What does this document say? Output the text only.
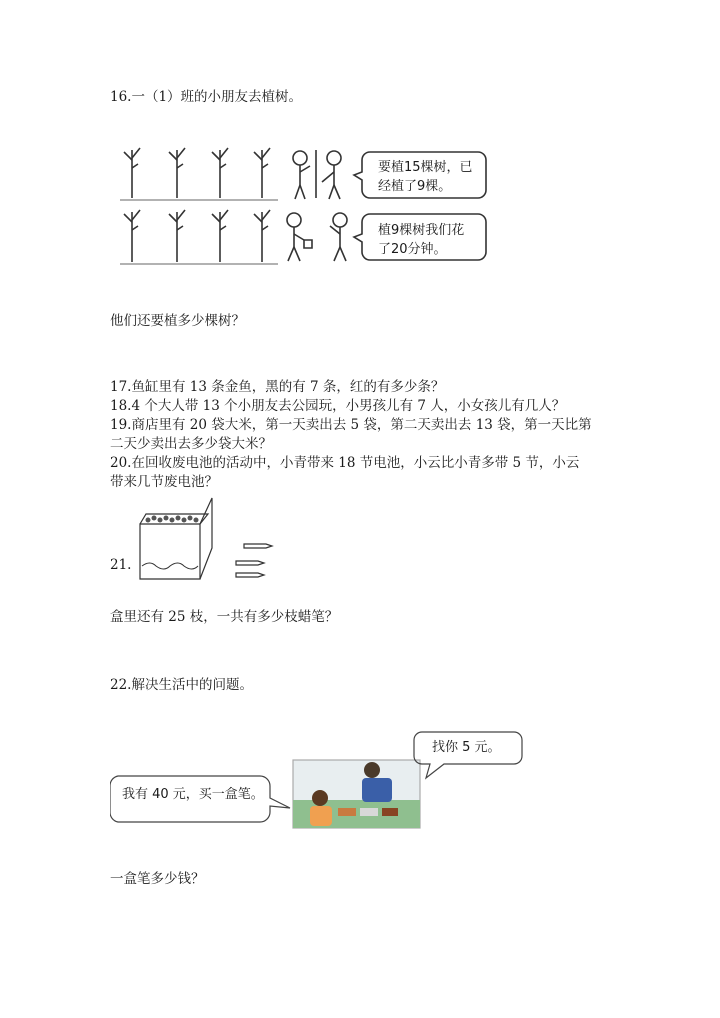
16.一（1）班的小朋友去植树。
要植15棵树，已
经植了9棵。
植9棵树我们花
了20分钟。
他们还要植多少棵树？
17.鱼缸里有 13 条金鱼，黑的有 7 条，红的有多少条？
18.4 个大人带 13 个小朋友去公园玩，小男孩儿有 7 人，小女孩儿有几人？
19.商店里有 20 袋大米，第一天卖出去 5 袋，第二天卖出去 13 袋，第一天比第
二天少卖出去多少袋大米？
20.在回收废电池的活动中，小青带来 18 节电池，小云比小青多带 5 节，小云
带来几节废电池？
21.
盒里还有 25 枝，一共有多少枝蜡笔？
22.解决生活中的问题。
找你 5 元。
我有 40 元，买一盒笔。
一盒笔多少钱？
